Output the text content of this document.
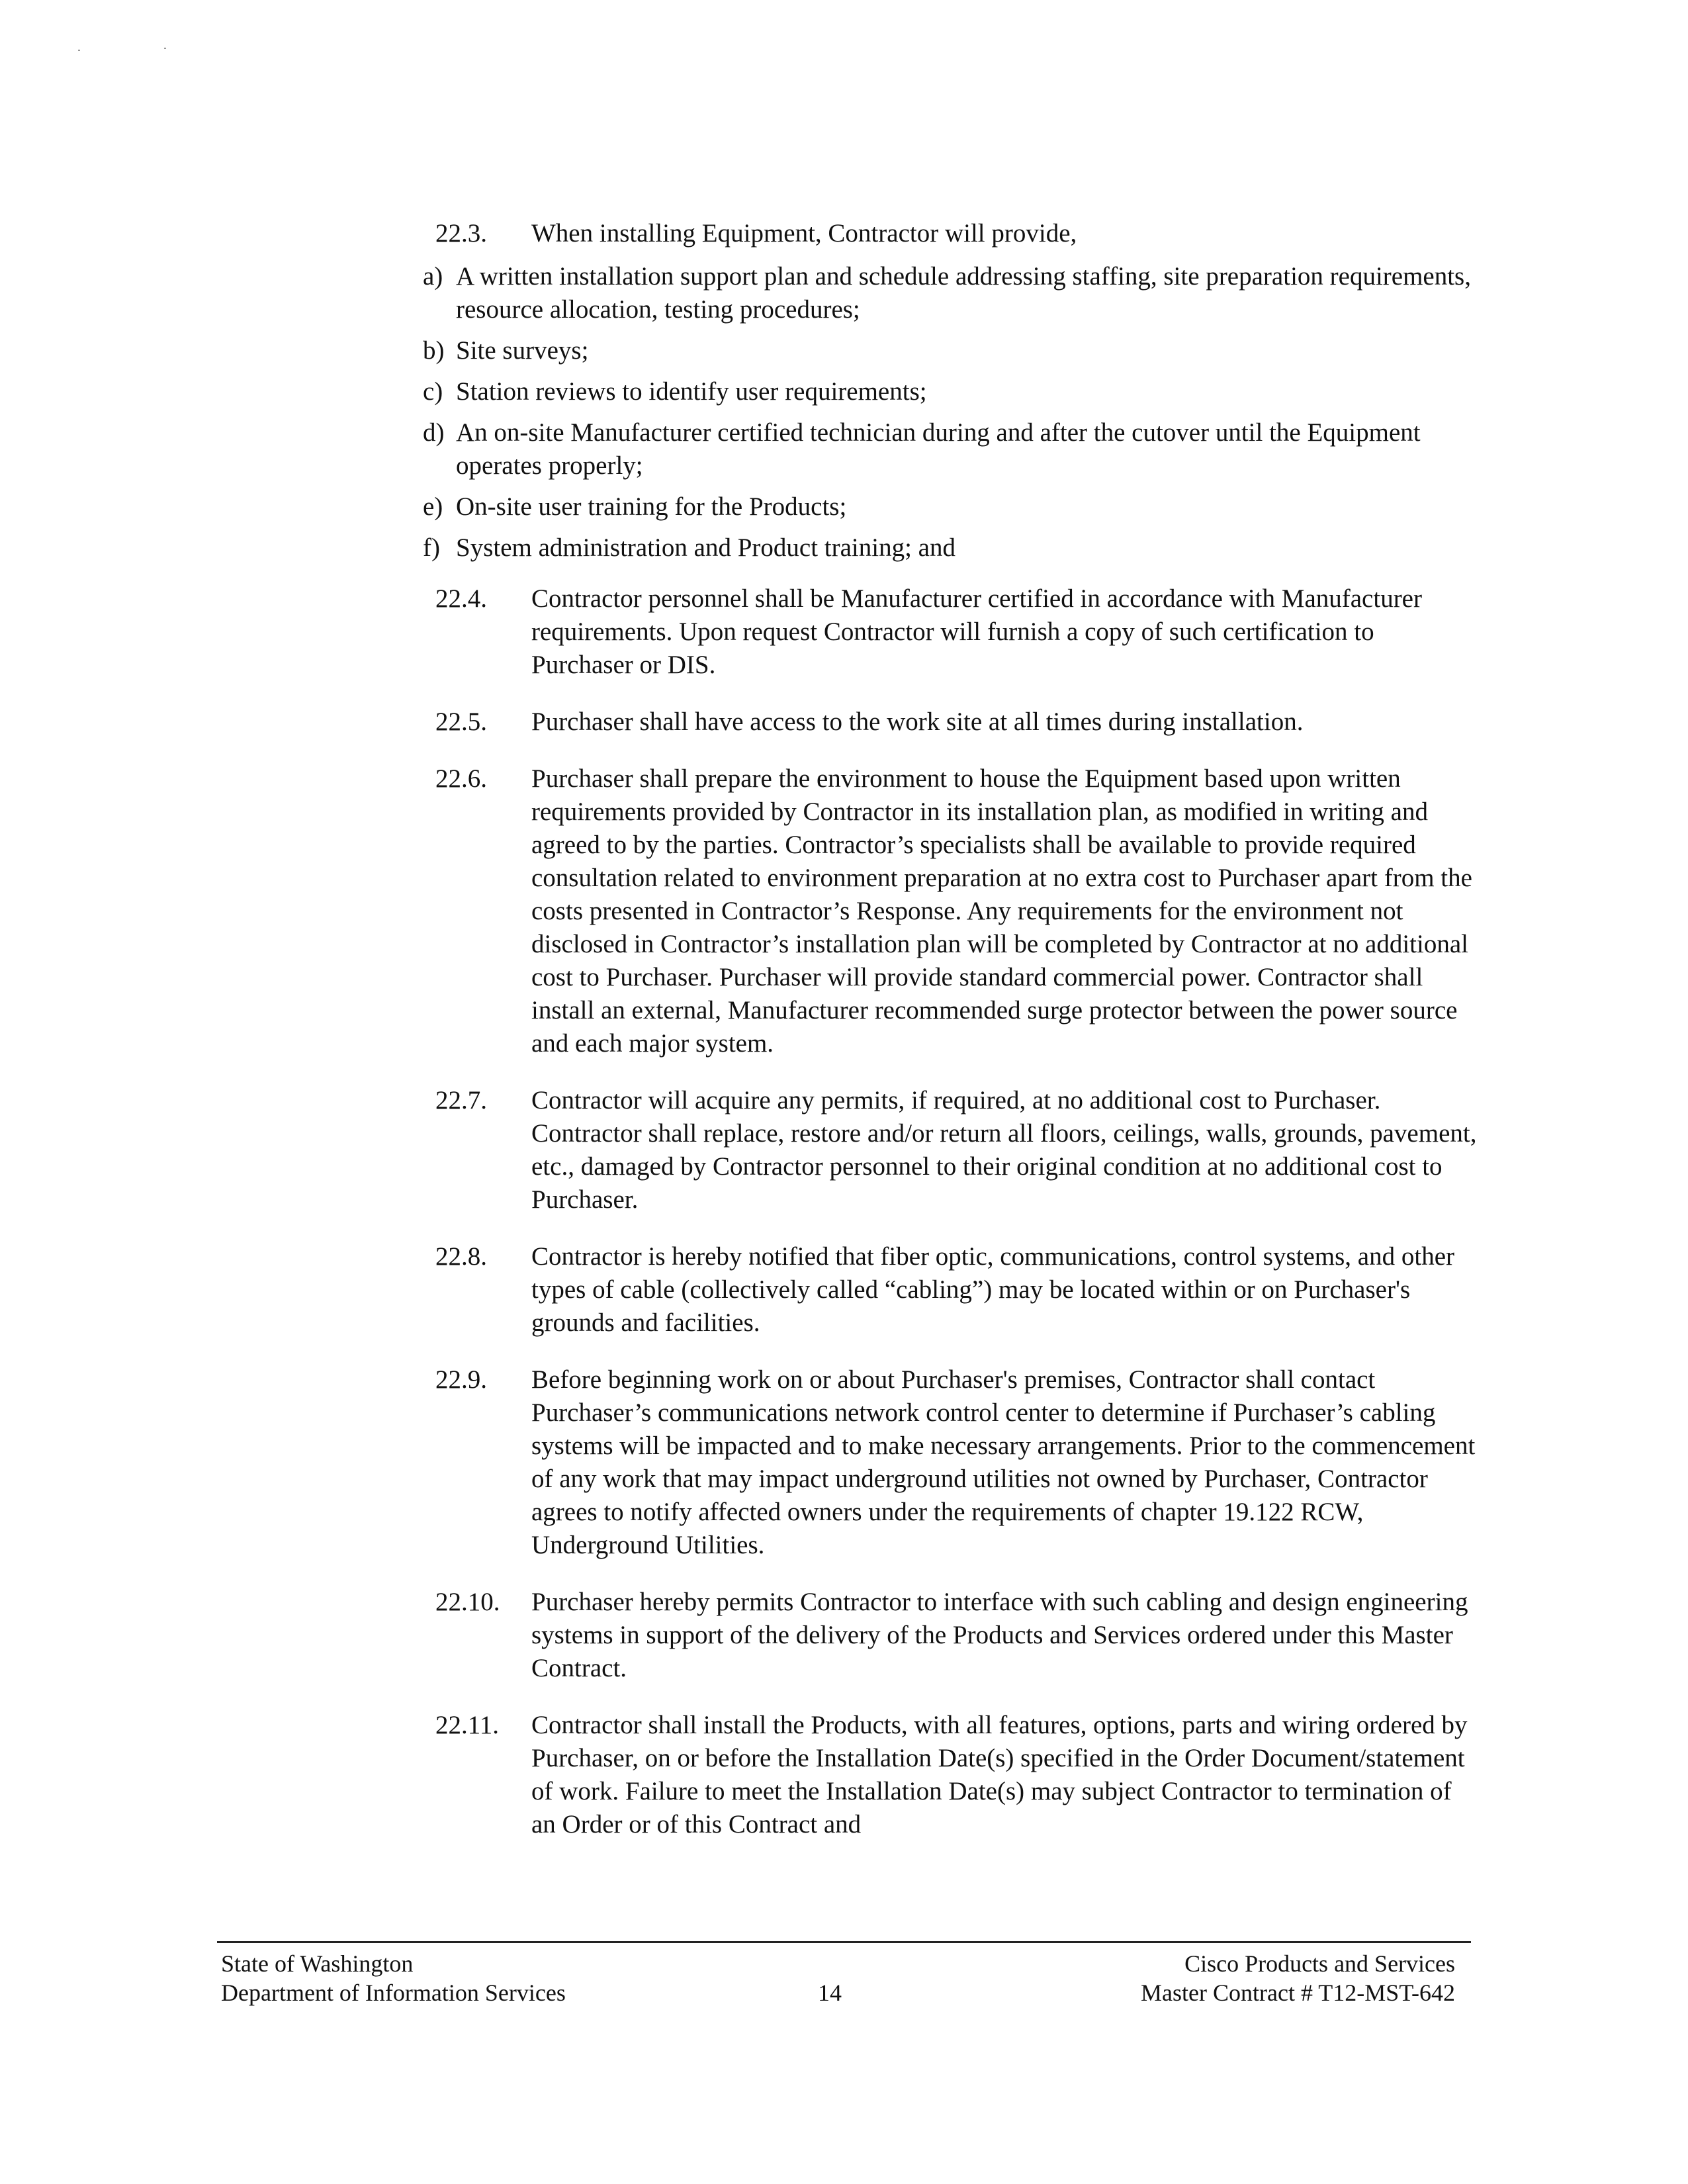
22.3. When installing Equipment, Contractor will provide,
a) A written installation support plan and schedule addressing staffing, site preparation requirements, resource allocation, testing procedures;
b) Site surveys;
c) Station reviews to identify user requirements;
d) An on-site Manufacturer certified technician during and after the cutover until the Equipment operates properly;
e) On-site user training for the Products;
f) System administration and Product training; and
22.4. Contractor personnel shall be Manufacturer certified in accordance with Manufacturer requirements. Upon request Contractor will furnish a copy of such certification to Purchaser or DIS.
22.5. Purchaser shall have access to the work site at all times during installation.
22.6. Purchaser shall prepare the environment to house the Equipment based upon written requirements provided by Contractor in its installation plan, as modified in writing and agreed to by the parties. Contractor’s specialists shall be available to provide required consultation related to environment preparation at no extra cost to Purchaser apart from the costs presented in Contractor’s Response. Any requirements for the environment not disclosed in Contractor’s installation plan will be completed by Contractor at no additional cost to Purchaser. Purchaser will provide standard commercial power. Contractor shall install an external, Manufacturer recommended surge protector between the power source and each major system.
22.7. Contractor will acquire any permits, if required, at no additional cost to Purchaser. Contractor shall replace, restore and/or return all floors, ceilings, walls, grounds, pavement, etc., damaged by Contractor personnel to their original condition at no additional cost to Purchaser.
22.8. Contractor is hereby notified that fiber optic, communications, control systems, and other types of cable (collectively called “cabling”) may be located within or on Purchaser's grounds and facilities.
22.9. Before beginning work on or about Purchaser's premises, Contractor shall contact Purchaser’s communications network control center to determine if Purchaser’s cabling systems will be impacted and to make necessary arrangements. Prior to the commencement of any work that may impact underground utilities not owned by Purchaser, Contractor agrees to notify affected owners under the requirements of chapter 19.122 RCW, Underground Utilities.
22.10. Purchaser hereby permits Contractor to interface with such cabling and design engineering systems in support of the delivery of the Products and Services ordered under this Master Contract.
22.11. Contractor shall install the Products, with all features, options, parts and wiring ordered by Purchaser, on or before the Installation Date(s) specified in the Order Document/statement of work. Failure to meet the Installation Date(s) may subject Contractor to termination of an Order or of this Contract and
State of Washington
Department of Information Services	14
Cisco Products and Services
Master Contract # T12-MST-642
